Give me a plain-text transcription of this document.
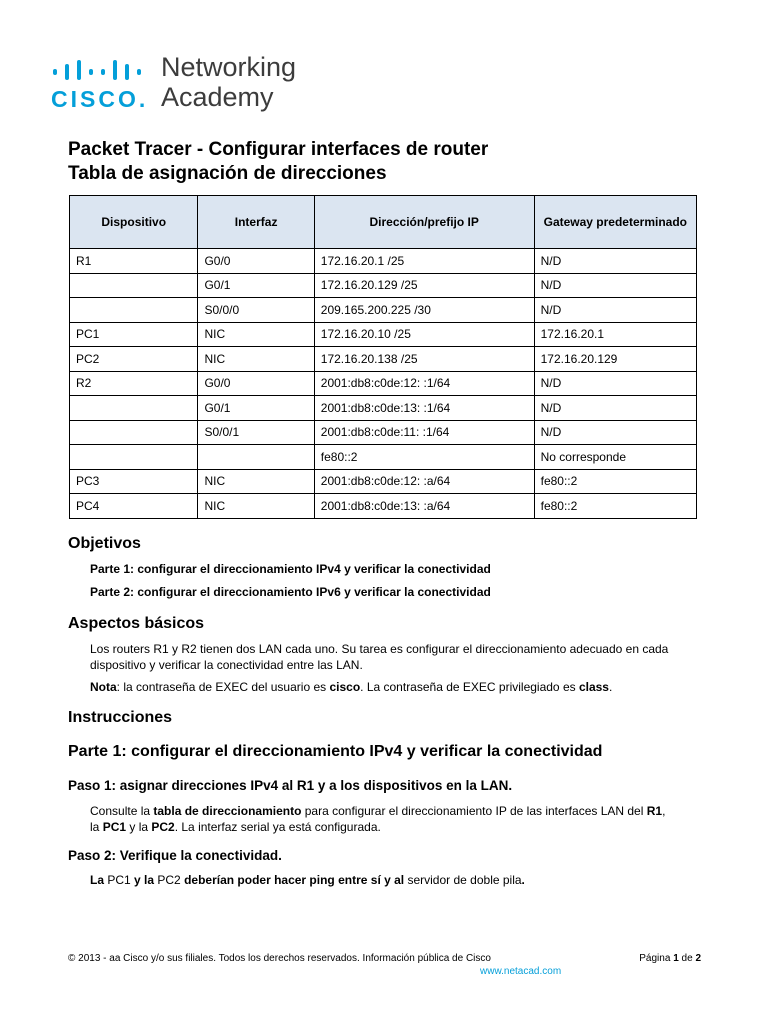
CISCO.
Networking
Academy
Packet Tracer - Configurar interfaces de router
Tabla de asignación de direcciones
Dispositivo	Interfaz	Dirección/prefijo IP	Gateway predeterminado
R1	G0/0	172.16.20.1 /25	N/D
	G0/1	172.16.20.129 /25	N/D
	S0/0/0	209.165.200.225 /30	N/D
PC1	NIC	172.16.20.10 /25	172.16.20.1
PC2	NIC	172.16.20.138 /25	172.16.20.129
R2	G0/0	2001:db8:c0de:12: :1/64	N/D
	G0/1	2001:db8:c0de:13: :1/64	N/D
	S0/0/1	2001:db8:c0de:11: :1/64	N/D
		fe80::2	No corresponde
PC3	NIC	2001:db8:c0de:12: :a/64	fe80::2
PC4	NIC	2001:db8:c0de:13: :a/64	fe80::2
Objetivos
Parte 1: configurar el direccionamiento IPv4 y verificar la conectividad
Parte 2: configurar el direccionamiento IPv6 y verificar la conectividad
Aspectos básicos
Los routers R1 y R2 tienen dos LAN cada uno. Su tarea es configurar el direccionamiento adecuado en cada dispositivo y verificar la conectividad entre las LAN.
Nota: la contraseña de EXEC del usuario es cisco. La contraseña de EXEC privilegiado es class.
Instrucciones
Parte 1: configurar el direccionamiento IPv4 y verificar la conectividad
Paso 1: asignar direcciones IPv4 al R1 y a los dispositivos en la LAN.
Consulte la tabla de direccionamiento para configurar el direccionamiento IP de las interfaces LAN del R1,
la PC1 y la PC2. La interfaz serial ya está configurada.
Paso 2: Verifique la conectividad.
La PC1 y la PC2 deberían poder hacer ping entre sí y al servidor de doble pila.
© 2013 - aa Cisco y/o sus filiales. Todos los derechos reservados. Información pública de Cisco	Página 1 de 2
www.netacad.com
